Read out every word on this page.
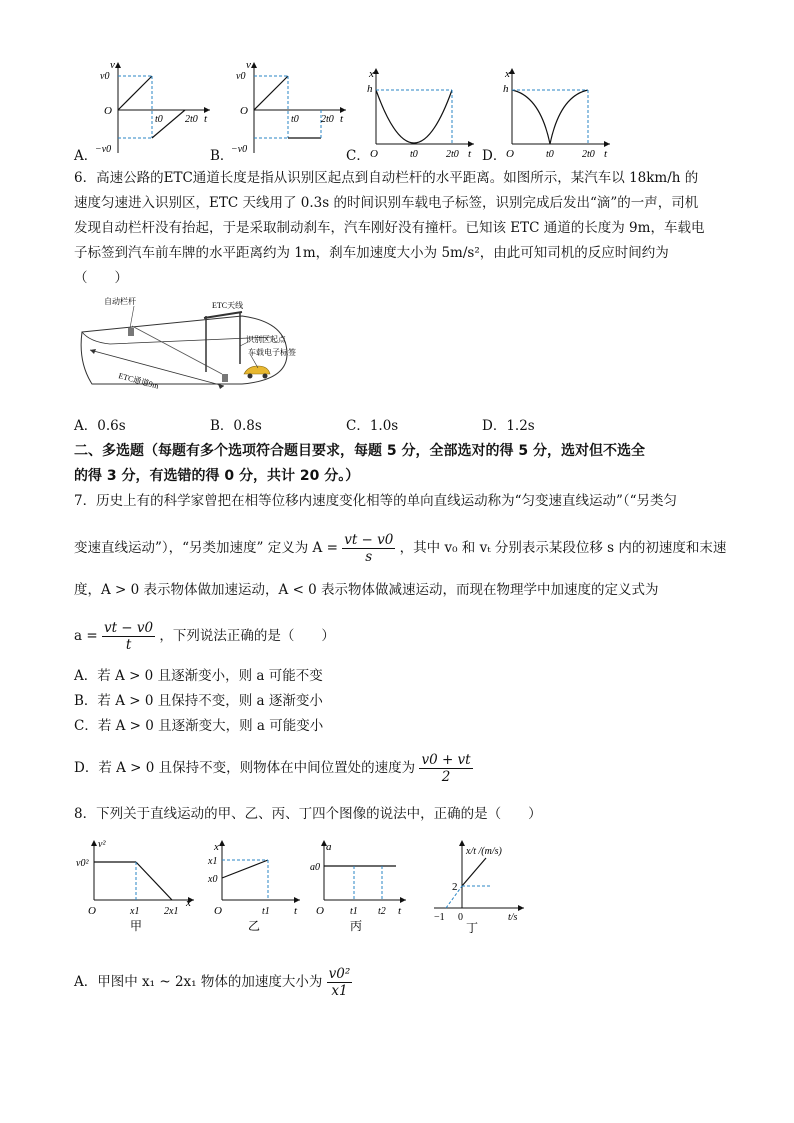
v
v0
O
−v0
t0 2t0 t
A．
v
v0
O
−v0
t0 2t0 t
B．
x
h
O	t0	2t0 t
C．
x
h
O	t0	2t0 t
D．
6．高速公路的ETC通道长度是指从识别区起点到自动栏杆的水平距离。如图所示，某汽车以 18km/h 的
速度匀速进入识别区，ETC 天线用了 0.3s 的时间识别车载电子标签，识别完成后发出“滴”的一声，司机
发现自动栏杆没有抬起，于是采取制动刹车，汽车刚好没有撞杆。已知该 ETC 通道的长度为 9m，车载电
子标签到汽车前车牌的水平距离约为 1m，刹车加速度大小为 5m/s²，由此可知司机的反应时间约为
（　　）
自动栏杆	ETC天线
识别区起点
车载电子标签
ETC通道9m
A．0.6s	B．0.8s	C．1.0s	D．1.2s
二、多选题（每题有多个选项符合题目要求，每题 5 分，全部选对的得 5 分，选对但不选全
的得 3 分，有选错的得 0 分，共计 20 分。）
7．历史上有的科学家曾把在相等位移内速度变化相等的单向直线运动称为“匀变速直线运动”（“另类匀
变速直线运动”），“另类加速度” 定义为 $A = \frac{vt - v0}{s}$ ，其中 v₀ 和 vₜ 分别表示某段位移 s 内的初速度和末速
度，A > 0 表示物体做加速运动，A < 0 表示物体做减速运动，而现在物理学中加速度的定义式为
$a = \frac{vt - v0}{t}$ ，下列说法正确的是（　　）
A．若 A > 0 且逐渐变小，则 a 可能不变
B．若 A > 0 且保持不变，则 a 逐渐变小
C．若 A > 0 且逐渐变大，则 a 可能变小
D．若 A > 0 且保持不变，则物体在中间位置处的速度为 $\frac{v0 + vt}{2}$
8．下列关于直线运动的甲、乙、丙、丁四个图像的说法中，正确的是（　　）
v²
v0²
O	x1 2x1
x
甲
x
x1
x0
O	t1 t
乙
a
a0
O	t1 t2 t
丙
x/t /(m/s)
2
−1 0	t/s
丁
A．甲图中 x₁ ~ 2x₁ 物体的加速度大小为 $\frac{\text{v0²}}{x1}$
